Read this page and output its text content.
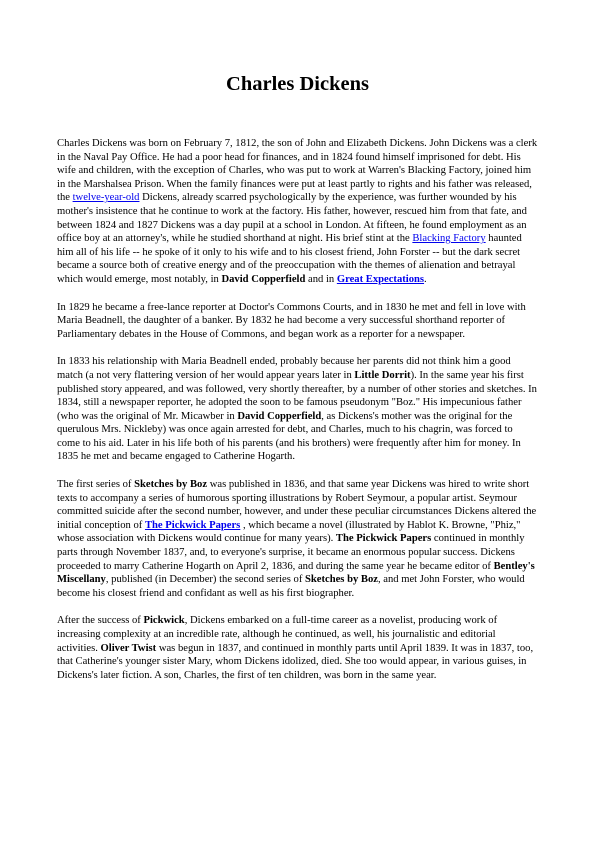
Charles Dickens

Charles Dickens was born on February 7, 1812, the son of John and Elizabeth Dickens. John Dickens was a clerk in the Naval Pay Office. He had a poor head for finances, and in 1824 found himself imprisoned for debt. His wife and children, with the exception of Charles, who was put to work at Warren's Blacking Factory, joined him in the Marshalsea Prison. When the family finances were put at least partly to rights and his father was released, the twelve-year-old Dickens, already scarred psychologically by the experience, was further wounded by his mother's insistence that he continue to work at the factory. His father, however, rescued him from that fate, and between 1824 and 1827 Dickens was a day pupil at a school in London. At fifteen, he found employment as an office boy at an attorney's, while he studied shorthand at night. His brief stint at the Blacking Factory haunted him all of his life -- he spoke of it only to his wife and to his closest friend, John Forster -- but the dark secret became a source both of creative energy and of the preoccupation with the themes of alienation and betrayal which would emerge, most notably, in David Copperfield and in Great Expectations.

In 1829 he became a free-lance reporter at Doctor's Commons Courts, and in 1830 he met and fell in love with Maria Beadnell, the daughter of a banker. By 1832 he had become a very successful shorthand reporter of Parliamentary debates in the House of Commons, and began work as a reporter for a newspaper.

In 1833 his relationship with Maria Beadnell ended, probably because her parents did not think him a good match (a not very flattering version of her would appear years later in Little Dorrit). In the same year his first published story appeared, and was followed, very shortly thereafter, by a number of other stories and sketches. In 1834, still a newspaper reporter, he adopted the soon to be famous pseudonym "Boz." His impecunious father (who was the original of Mr. Micawber in David Copperfield, as Dickens's mother was the original for the querulous Mrs. Nickleby) was once again arrested for debt, and Charles, much to his chagrin, was forced to come to his aid. Later in his life both of his parents (and his brothers) were frequently after him for money. In 1835 he met and became engaged to Catherine Hogarth.

The first series of Sketches by Boz was published in 1836, and that same year Dickens was hired to write short texts to accompany a series of humorous sporting illustrations by Robert Seymour, a popular artist. Seymour committed suicide after the second number, however, and under these peculiar circumstances Dickens altered the initial conception of The Pickwick Papers , which became a novel (illustrated by Hablot K. Browne, "Phiz," whose association with Dickens would continue for many years). The Pickwick Papers continued in monthly parts through November 1837, and, to everyone's surprise, it became an enormous popular success. Dickens proceeded to marry Catherine Hogarth on April 2, 1836, and during the same year he became editor of Bentley's Miscellany, published (in December) the second series of Sketches by Boz, and met John Forster, who would become his closest friend and confidant as well as his first biographer.

After the success of Pickwick, Dickens embarked on a full-time career as a novelist, producing work of increasing complexity at an incredible rate, although he continued, as well, his journalistic and editorial activities. Oliver Twist was begun in 1837, and continued in monthly parts until April 1839. It was in 1837, too, that Catherine's younger sister Mary, whom Dickens idolized, died. She too would appear, in various guises, in Dickens's later fiction. A son, Charles, the first of ten children, was born in the same year.
